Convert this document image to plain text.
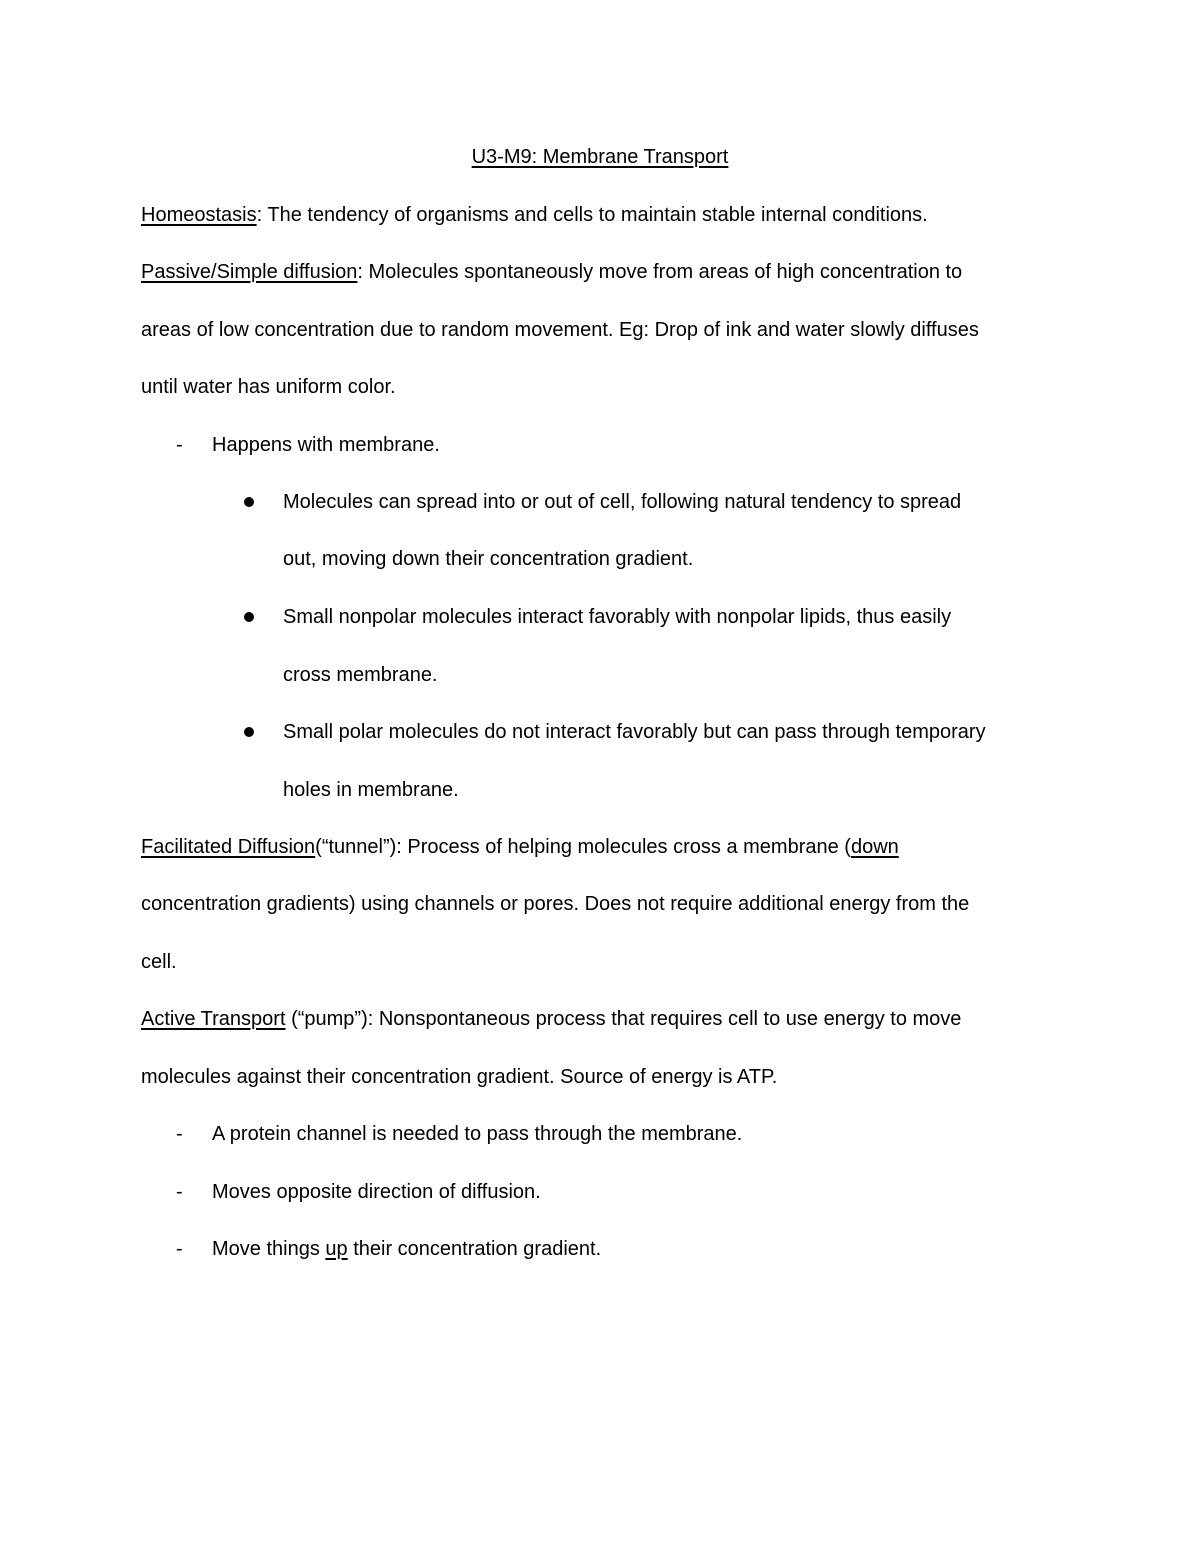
U3-M9: Membrane Transport
Homeostasis: The tendency of organisms and cells to maintain stable internal conditions.
Passive/Simple diffusion: Molecules spontaneously move from areas of high concentration to
areas of low concentration due to random movement. Eg: Drop of ink and water slowly diffuses
until water has uniform color.
- Happens with membrane.
Molecules can spread into or out of cell, following natural tendency to spread
out, moving down their concentration gradient.
Small nonpolar molecules interact favorably with nonpolar lipids, thus easily
cross membrane.
Small polar molecules do not interact favorably but can pass through temporary
holes in membrane.
Facilitated Diffusion(“tunnel”): Process of helping molecules cross a membrane (down
concentration gradients) using channels or pores. Does not require additional energy from the
cell.
Active Transport (“pump”): Nonspontaneous process that requires cell to use energy to move
molecules against their concentration gradient. Source of energy is ATP.
- A protein channel is needed to pass through the membrane.
- Moves opposite direction of diffusion.
- Move things up their concentration gradient.
